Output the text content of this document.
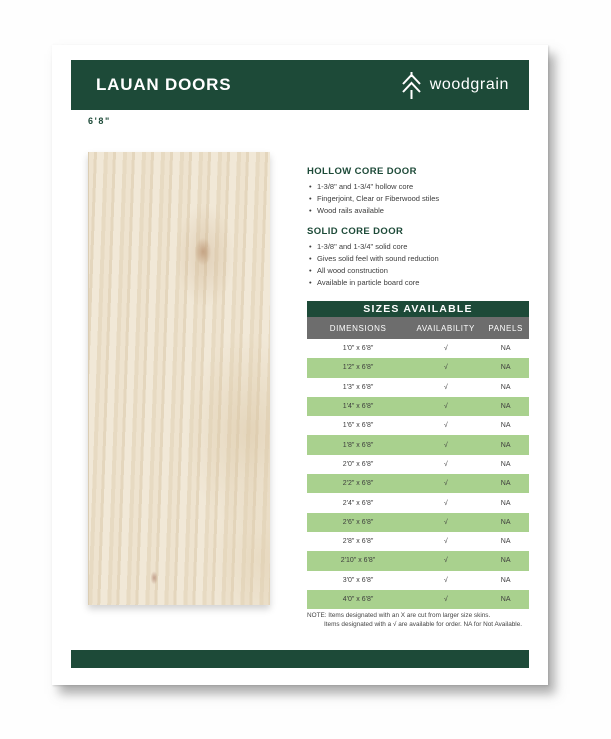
LAUAN DOORS	woodgrain
6'8"
HOLLOW CORE DOOR
• 1-3/8" and 1-3/4" hollow core
• Fingerjoint, Clear or Fiberwood stiles
• Wood rails available
SOLID CORE DOOR
• 1-3/8" and 1-3/4" solid core
• Gives solid feel with sound reduction
• All wood construction
• Available in particle board core
SIZES AVAILABLE
DIMENSIONS	AVAILABILITY	PANELS
1'0" x 6'8"	√	NA
1'2" x 6'8"	√	NA
1'3" x 6'8"	√	NA
1'4" x 6'8"	√	NA
1'6" x 6'8"	√	NA
1'8" x 6'8"	√	NA
2'0" x 6'8"	√	NA
2'2" x 6'8"	√	NA
2'4" x 6'8"	√	NA
2'6" x 6'8"	√	NA
2'8" x 6'8"	√	NA
2'10" x 6'8"	√	NA
3'0" x 6'8"	√	NA
4'0" x 6'8"	√	NA
NOTE: Items designated with an X are cut from larger size skins.
Items designated with a √ are available for order. NA for Not Available.
